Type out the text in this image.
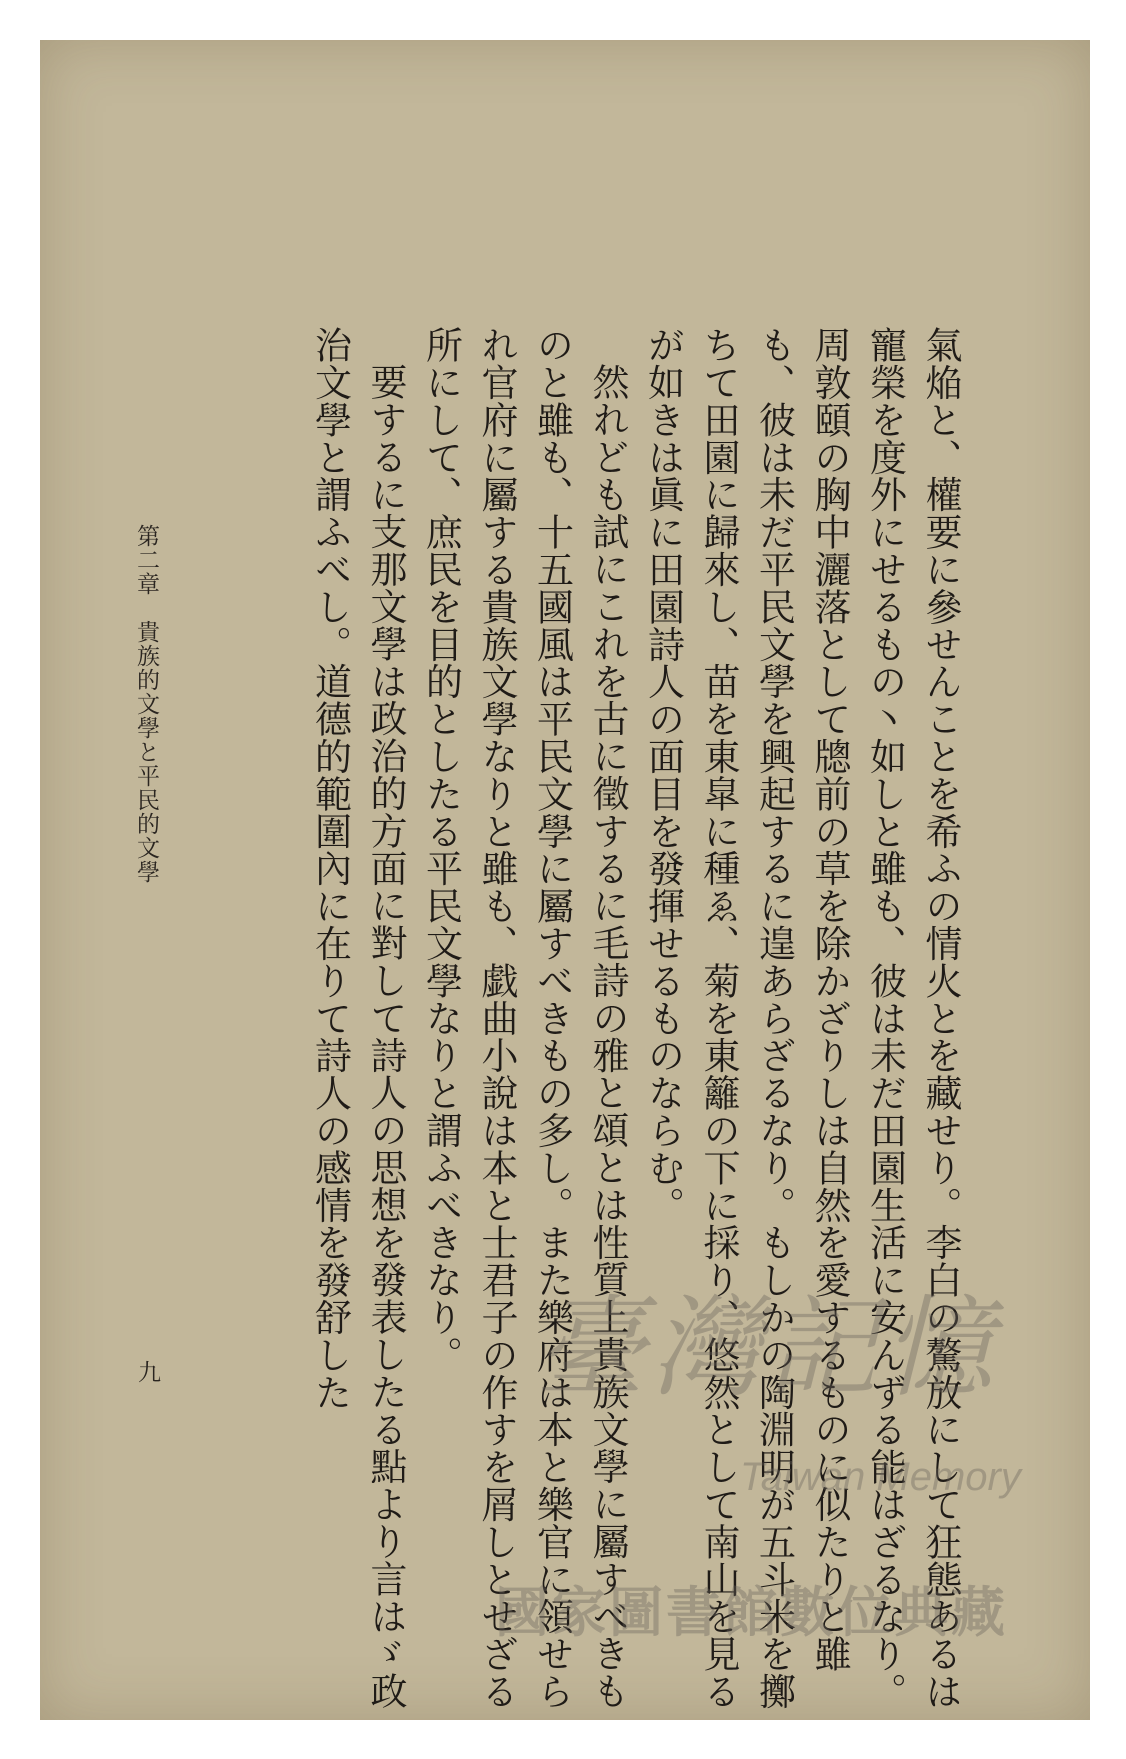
氣焔と、權要に參せんことを希ふの情火とを藏せり。李白の驁放にして狂態あるは寵榮を度外にせるもの丶如しと雖も、彼は未だ田園生活に安んずる能はざるなり。周敦頤の胸中灑落として牕前の草を除かざりしは自然を愛するものに似たりと雖も、彼は未だ平民文學を興起するに遑あらざるなり。もしかの陶淵明が五斗米を擲ちて田園に歸來し、苗を東皐に種ゑ、菊を東籬の下に採り、悠然として南山を見るが如きは眞に田園詩人の面目を發揮せるものならむ。

然れども試にこれを古に徵するに毛詩の雅と頌とは性質上貴族文學に屬すべきものと雖も、十五國風は平民文學に屬すべきもの多し。また樂府は本と樂官に領せられ官府に屬する貴族文學なりと雖も、戯曲小說は本と士君子の作すを屑しとせざる所にして、庶民を目的としたる平民文學なりと謂ふべきなり。

要するに支那文學は政治的方面に對して詩人の思想を發表したる點より言はゞ政治文學と謂ふべし。道德的範圍內に在りて詩人の感情を發舒した

第二章　貴族的文學と平民的文學
九	臺灣記憶
Taiwan Memory
國家圖書館數位典藏
